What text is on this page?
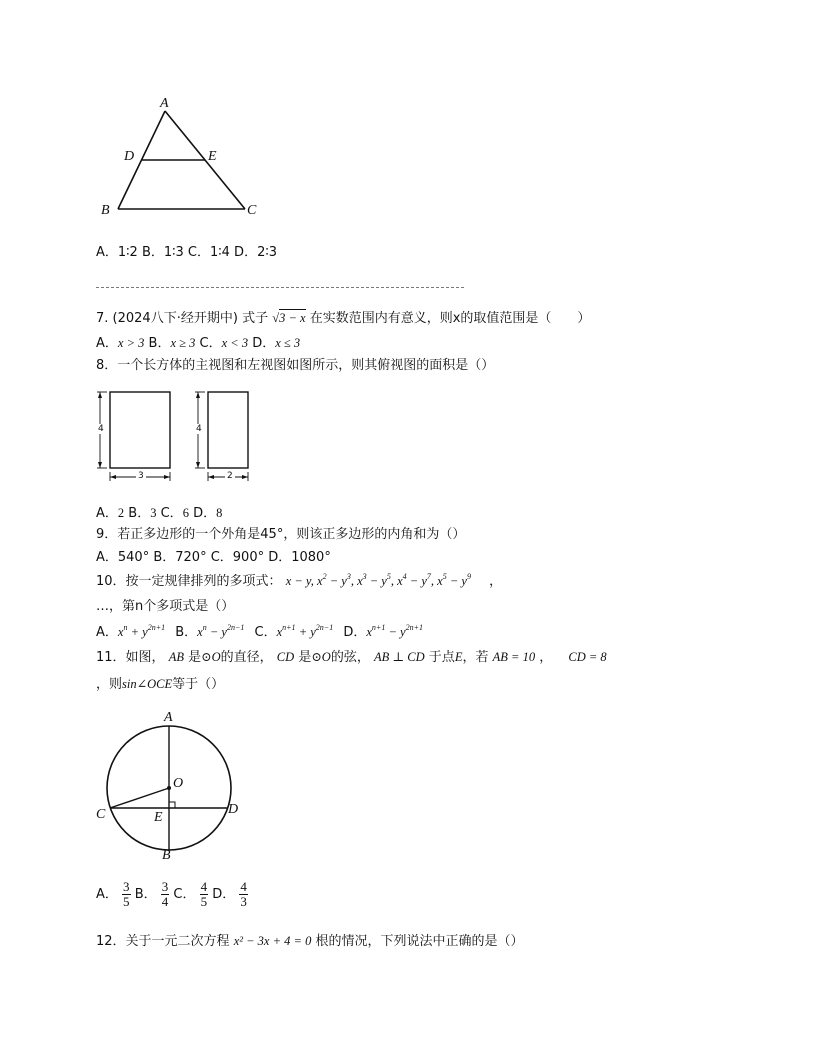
A
D	E
B	C
A．1∶2 B．1∶3 C．1∶4 D．2∶3
7. (2024八下·经开期中) 式子 √3 − x 在实数范围内有意义，则x的取值范围是（　　）
A．x > 3 B．x ≥ 3 C．x < 3 D．x ≤ 3
8．一个长方体的主视图和左视图如图所示，则其俯视图的面积是（）
4
3
4
2
A．2 B．3 C．6 D．8
9．若正多边形的一个外角是45°，则该正多边形的内角和为（）
A．540° B．720° C．900° D．1080°
10．按一定规律排列的多项式： x − y, $x^2 - y^3$, $x^3 - y^5$, $x^4 - y^7$, $x^5 - y^9$ ，
…，第n个多项式是（）
A．$x^n + y^{2n+1}$ B．$x^n - y^{2n-1}$ C．$x^{n+1} + y^{2n-1}$ D．$x^{n+1} - y^{2n+1}$
11．如图， AB 是⊙O的直径， CD 是⊙O的弦， AB ⊥ CD 于点E，若 AB = 10 ， CD = 8
，则sin∠OCE等于（）
A
O
C	E
D
B
A． $\frac{3}{5}$ B． $\frac{3}{4}$ C． $\frac{4}{5}$ D． $\frac{4}{3}$
12．关于一元二次方程 x² − 3x + 4 = 0 根的情况，下列说法中正确的是（）
